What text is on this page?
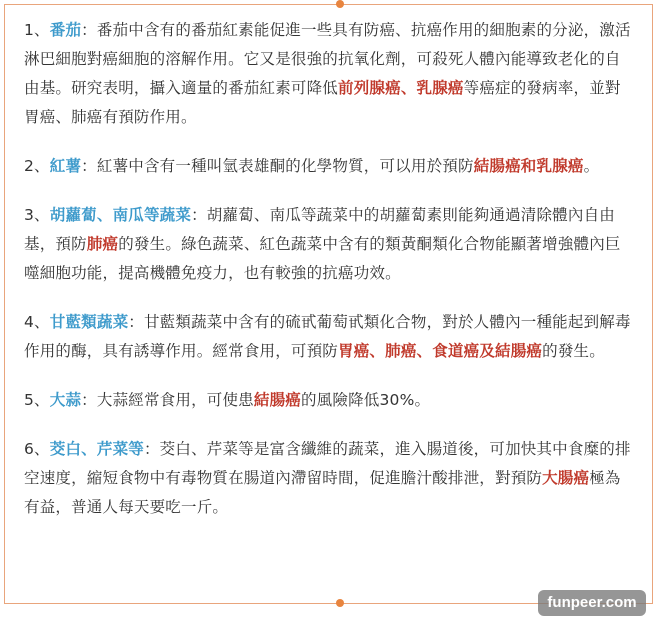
1、番茄：番茄中含有的番茄紅素能促進一些具有防癌、抗癌作用的細胞素的分泌，激活淋巴細胞對癌細胞的溶解作用。它又是很強的抗氧化劑，可殺死人體內能導致老化的自由基。研究表明，攝入適量的番茄紅素可降低前列腺癌、乳腺癌等癌症的發病率，並對胃癌、肺癌有預防作用。

2、紅薯：紅薯中含有一種叫氫表雄酮的化學物質，可以用於預防結腸癌和乳腺癌。

3、胡蘿蔔、南瓜等蔬菜：胡蘿蔔、南瓜等蔬菜中的胡蘿蔔素則能夠通過清除體內自由基，預防肺癌的發生。綠色蔬菜、紅色蔬菜中含有的類黃酮類化合物能顯著增強體內巨噬細胞功能，提高機體免疫力，也有較強的抗癌功效。

4、甘藍類蔬菜：甘藍類蔬菜中含有的硫甙葡萄甙類化合物，對於人體內一種能起到解毒作用的酶，具有誘導作用。經常食用，可預防胃癌、肺癌、食道癌及結腸癌的發生。

5、大蒜：大蒜經常食用，可使患結腸癌的風險降低30%。

6、茭白、芹菜等：茭白、芹菜等是富含纖維的蔬菜，進入腸道後，可加快其中食糜的排空速度，縮短食物中有毒物質在腸道內滯留時間，促進膽汁酸排泄，對預防大腸癌極為有益，普通人每天要吃一斤。

funpeer.com
